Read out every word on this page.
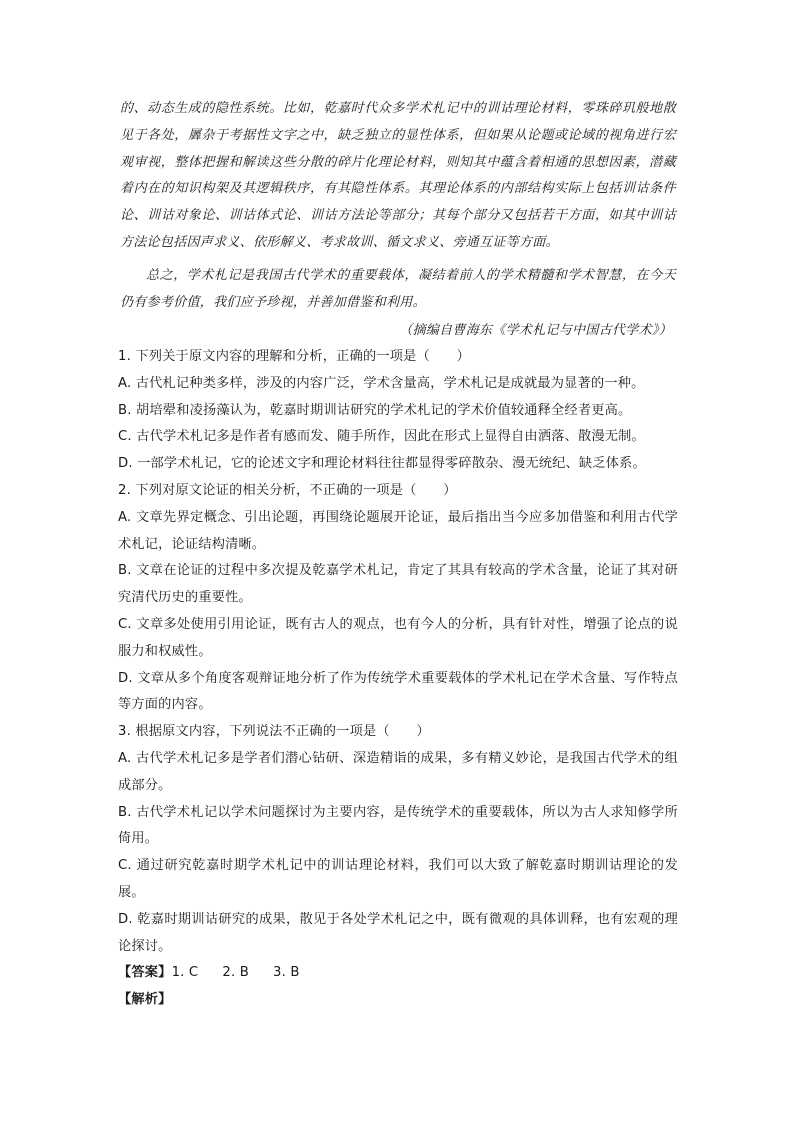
的、动态生成的隐性系统。比如，乾嘉时代众多学术札记中的训诂理论材料，零珠碎玑般地散见于各处，羼杂于考据性文字之中，缺乏独立的显性体系，但如果从论题或论域的视角进行宏观审视，整体把握和解读这些分散的碎片化理论材料，则知其中蕴含着相通的思想因素，潜藏着内在的知识构架及其逻辑秩序，有其隐性体系。其理论体系的内部结构实际上包括训诂条件论、训诂对象论、训诂体式论、训诂方法论等部分；其每个部分又包括若干方面，如其中训诂方法论包括因声求义、依形解义、考求故训、循文求义、旁通互证等方面。

总之，学术札记是我国古代学术的重要载体，凝结着前人的学术精髓和学术智慧，在今天仍有参考价值，我们应予珍视，并善加借鉴和利用。

（摘编自曹海东《学术札记与中国古代学术》）

1. 下列关于原文内容的理解和分析，正确的一项是（　　）

A. 古代札记种类多样，涉及的内容广泛，学术含量高，学术札记是成就最为显著的一种。

B. 胡培翚和凌扬藻认为，乾嘉时期训诂研究的学术札记的学术价值较通释全经者更高。

C. 古代学术札记多是作者有感而发、随手所作，因此在形式上显得自由洒落、散漫无制。

D. 一部学术札记，它的论述文字和理论材料往往都显得零碎散杂、漫无统纪、缺乏体系。

2. 下列对原文论证的相关分析，不正确的一项是（　　）

A. 文章先界定概念、引出论题，再围绕论题展开论证，最后指出当今应多加借鉴和利用古代学术札记，论证结构清晰。

B. 文章在论证的过程中多次提及乾嘉学术札记，肯定了其具有较高的学术含量，论证了其对研究清代历史的重要性。

C. 文章多处使用引用论证，既有古人的观点，也有今人的分析，具有针对性，增强了论点的说服力和权威性。

D. 文章从多个角度客观辩证地分析了作为传统学术重要载体的学术札记在学术含量、写作特点等方面的内容。

3. 根据原文内容，下列说法不正确的一项是（　　）

A. 古代学术札记多是学者们潜心钻研、深造精诣的成果，多有精义妙论，是我国古代学术的组成部分。

B. 古代学术札记以学术问题探讨为主要内容，是传统学术的重要载体，所以为古人求知修学所倚用。

C. 通过研究乾嘉时期学术札记中的训诂理论材料，我们可以大致了解乾嘉时期训诂理论的发展。

D. 乾嘉时期训诂研究的成果，散见于各处学术札记之中，既有微观的具体训释，也有宏观的理论探讨。

【答案】1. C 2. B 3. B

【解析】
